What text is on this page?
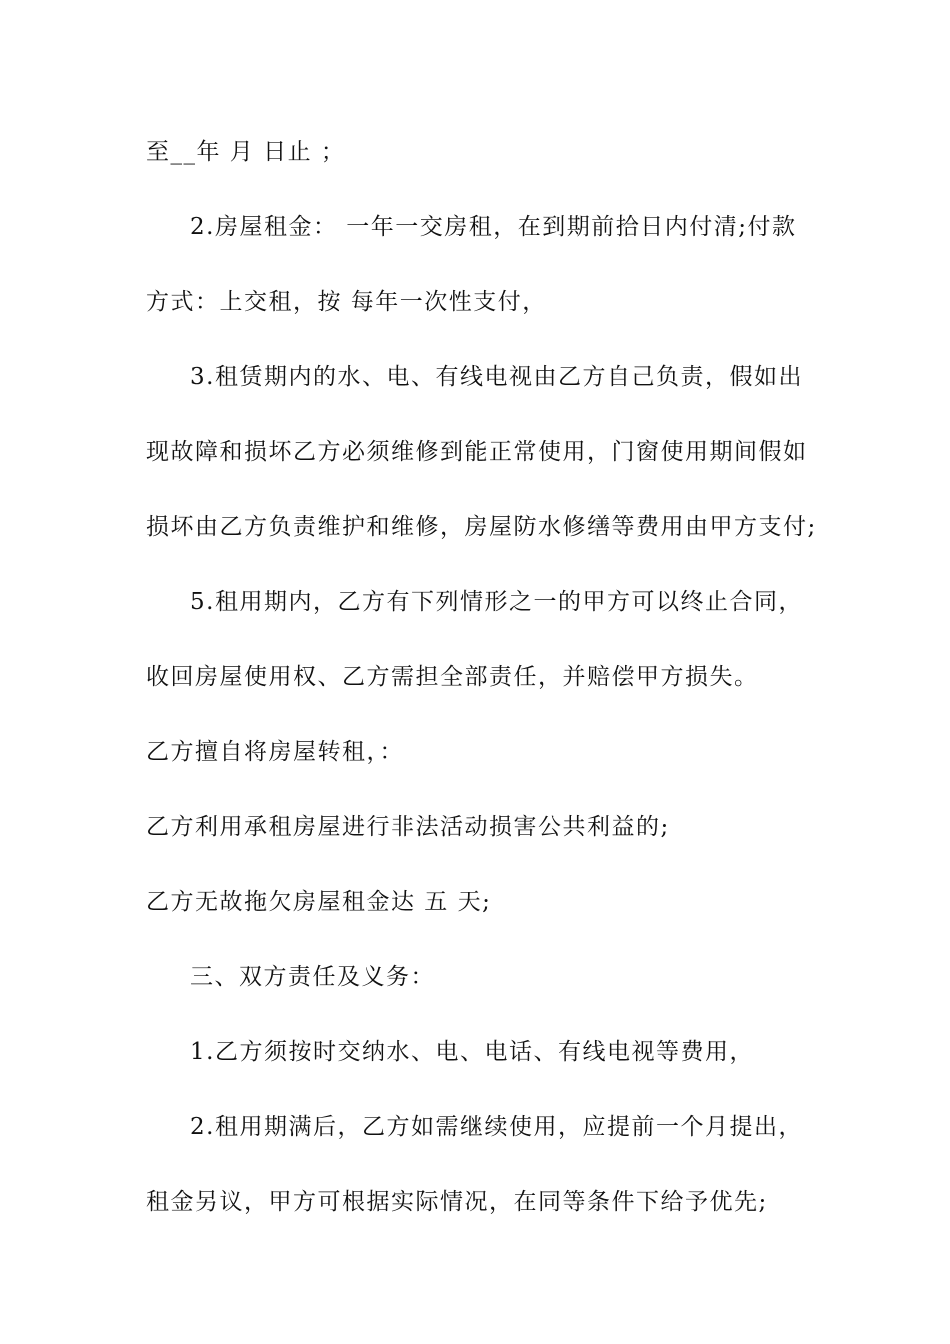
至__年 月 日止 ；
2.房屋租金： 一年一交房租，在到期前拾日内付清;付款
方式：上交租，按 每年一次性支付，
3.租赁期内的水、电、有线电视由乙方自己负责，假如出
现故障和损坏乙方必须维修到能正常使用，门窗使用期间假如
损坏由乙方负责维护和维修，房屋防水修缮等费用由甲方支付;
5.租用期内，乙方有下列情形之一的甲方可以终止合同，
收回房屋使用权、乙方需担全部责任，并赔偿甲方损失。
乙方擅自将房屋转租，：
乙方利用承租房屋进行非法活动损害公共利益的;
乙方无故拖欠房屋租金达 五 天;
三、双方责任及义务：
1.乙方须按时交纳水、电、电话、有线电视等费用，
2.租用期满后，乙方如需继续使用，应提前一个月提出，
租金另议，甲方可根据实际情况，在同等条件下给予优先;
